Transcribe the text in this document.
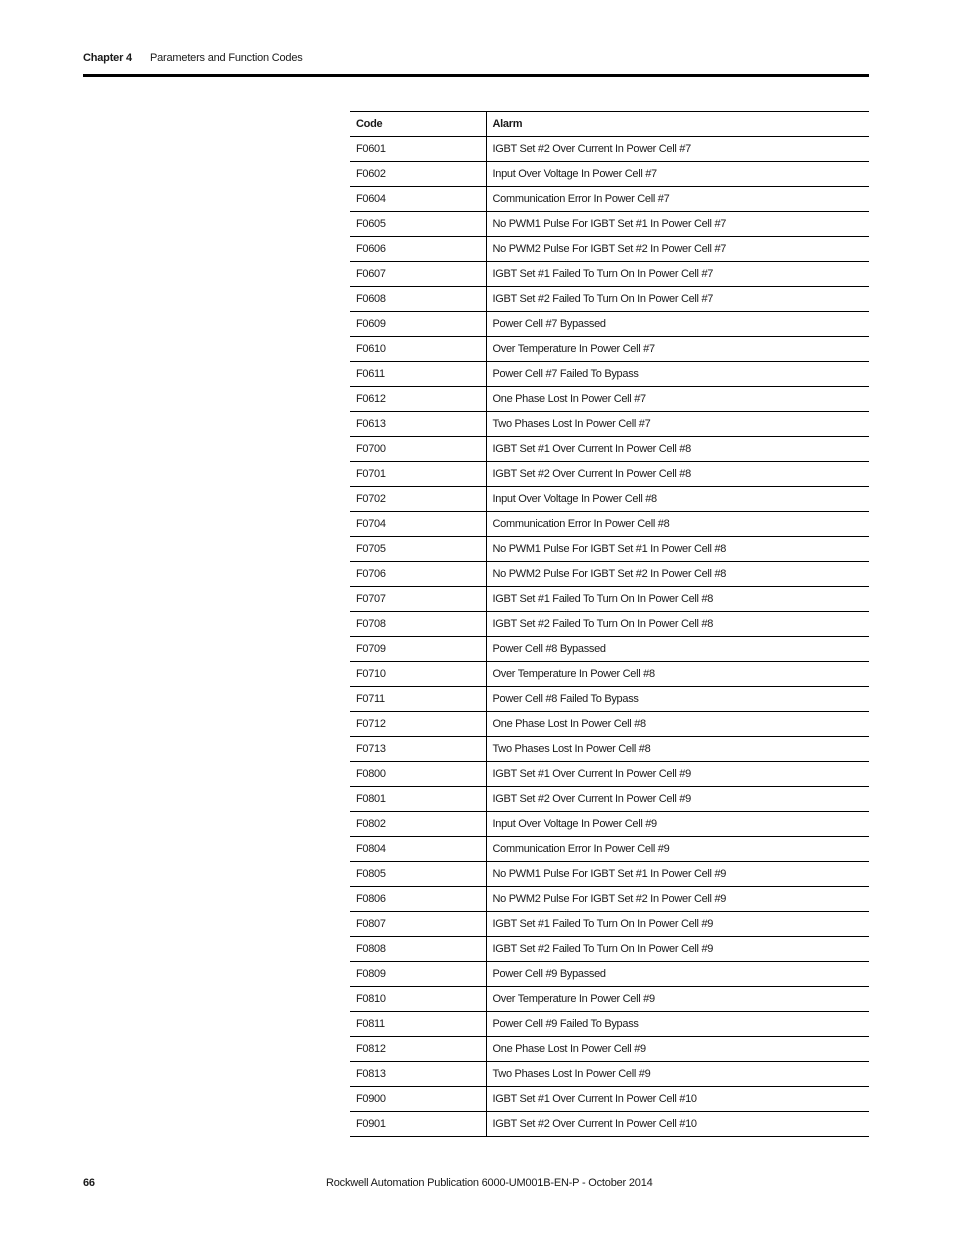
Chapter 4 Parameters and Function Codes
Code	Alarm
F0601	IGBT Set #2 Over Current In Power Cell #7
F0602	Input Over Voltage In Power Cell #7
F0604	Communication Error In Power Cell #7
F0605	No PWM1 Pulse For IGBT Set #1 In Power Cell #7
F0606	No PWM2 Pulse For IGBT Set #2 In Power Cell #7
F0607	IGBT Set #1 Failed To Turn On In Power Cell #7
F0608	IGBT Set #2 Failed To Turn On In Power Cell #7
F0609	Power Cell #7 Bypassed
F0610	Over Temperature In Power Cell #7
F0611	Power Cell #7 Failed To Bypass
F0612	One Phase Lost In Power Cell #7
F0613	Two Phases Lost In Power Cell #7
F0700	IGBT Set #1 Over Current In Power Cell #8
F0701	IGBT Set #2 Over Current In Power Cell #8
F0702	Input Over Voltage In Power Cell #8
F0704	Communication Error In Power Cell #8
F0705	No PWM1 Pulse For IGBT Set #1 In Power Cell #8
F0706	No PWM2 Pulse For IGBT Set #2 In Power Cell #8
F0707	IGBT Set #1 Failed To Turn On In Power Cell #8
F0708	IGBT Set #2 Failed To Turn On In Power Cell #8
F0709	Power Cell #8 Bypassed
F0710	Over Temperature In Power Cell #8
F0711	Power Cell #8 Failed To Bypass
F0712	One Phase Lost In Power Cell #8
F0713	Two Phases Lost In Power Cell #8
F0800	IGBT Set #1 Over Current In Power Cell #9
F0801	IGBT Set #2 Over Current In Power Cell #9
F0802	Input Over Voltage In Power Cell #9
F0804	Communication Error In Power Cell #9
F0805	No PWM1 Pulse For IGBT Set #1 In Power Cell #9
F0806	No PWM2 Pulse For IGBT Set #2 In Power Cell #9
F0807	IGBT Set #1 Failed To Turn On In Power Cell #9
F0808	IGBT Set #2 Failed To Turn On In Power Cell #9
F0809	Power Cell #9 Bypassed
F0810	Over Temperature In Power Cell #9
F0811	Power Cell #9 Failed To Bypass
F0812	One Phase Lost In Power Cell #9
F0813	Two Phases Lost In Power Cell #9
F0900	IGBT Set #1 Over Current In Power Cell #10
F0901	IGBT Set #2 Over Current In Power Cell #10
66	Rockwell Automation Publication 6000-UM001B-EN-P - October 2014
